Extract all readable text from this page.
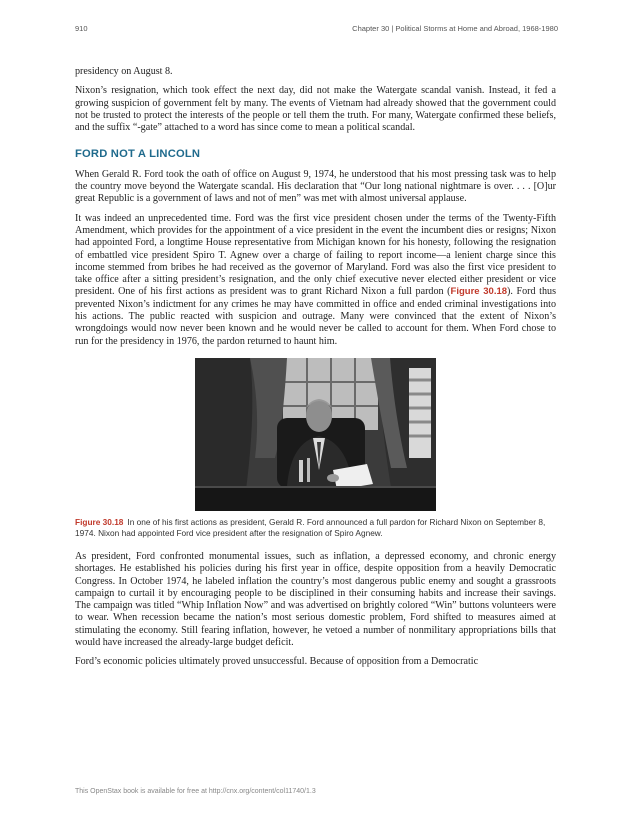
910	Chapter 30 | Political Storms at Home and Abroad, 1968-1980

presidency on August 8.

Nixon’s resignation, which took effect the next day, did not make the Watergate scandal vanish. Instead, it fed a growing suspicion of government felt by many. The events of Vietnam had already showed that the government could not be trusted to protect the interests of the people or tell them the truth. For many, Watergate confirmed these beliefs, and the suffix “-gate” attached to a word has since come to mean a political scandal.

FORD NOT A LINCOLN

When Gerald R. Ford took the oath of office on August 9, 1974, he understood that his most pressing task was to help the country move beyond the Watergate scandal. His declaration that “Our long national nightmare is over. . . . [O]ur great Republic is a government of laws and not of men” was met with almost universal applause.

It was indeed an unprecedented time. Ford was the first vice president chosen under the terms of the Twenty-Fifth Amendment, which provides for the appointment of a vice president in the event the incumbent dies or resigns; Nixon had appointed Ford, a longtime House representative from Michigan known for his honesty, following the resignation of embattled vice president Spiro T. Agnew over a charge of failing to report income—a lenient charge since this income stemmed from bribes he had received as the governor of Maryland. Ford was also the first vice president to take office after a sitting president’s resignation, and the only chief executive never elected either president or vice president. One of his first actions as president was to grant Richard Nixon a full pardon (Figure 30.18). Ford thus prevented Nixon’s indictment for any crimes he may have committed in office and ended criminal investigations into his actions. The public reacted with suspicion and outrage. Many were convinced that the extent of Nixon’s wrongdoings would now never been known and he would never be called to account for them. When Ford chose to run for the presidency in 1976, the pardon returned to haunt him.

Figure 30.18 In one of his first actions as president, Gerald R. Ford announced a full pardon for Richard Nixon on September 8, 1974. Nixon had appointed Ford vice president after the resignation of Spiro Agnew.

As president, Ford confronted monumental issues, such as inflation, a depressed economy, and chronic energy shortages. He established his policies during his first year in office, despite opposition from a heavily Democratic Congress. In October 1974, he labeled inflation the country’s most dangerous public enemy and sought a grassroots campaign to curtail it by encouraging people to be disciplined in their consuming habits and increase their savings. The campaign was titled “Whip Inflation Now” and was advertised on brightly colored “Win” buttons volunteers were to wear. When recession became the nation’s most serious domestic problem, Ford shifted to measures aimed at stimulating the economy. Still fearing inflation, however, he vetoed a number of nonmilitary appropriations bills that would have increased the already-large budget deficit.

Ford’s economic policies ultimately proved unsuccessful. Because of opposition from a Democratic

This OpenStax book is available for free at http://cnx.org/content/col11740/1.3
